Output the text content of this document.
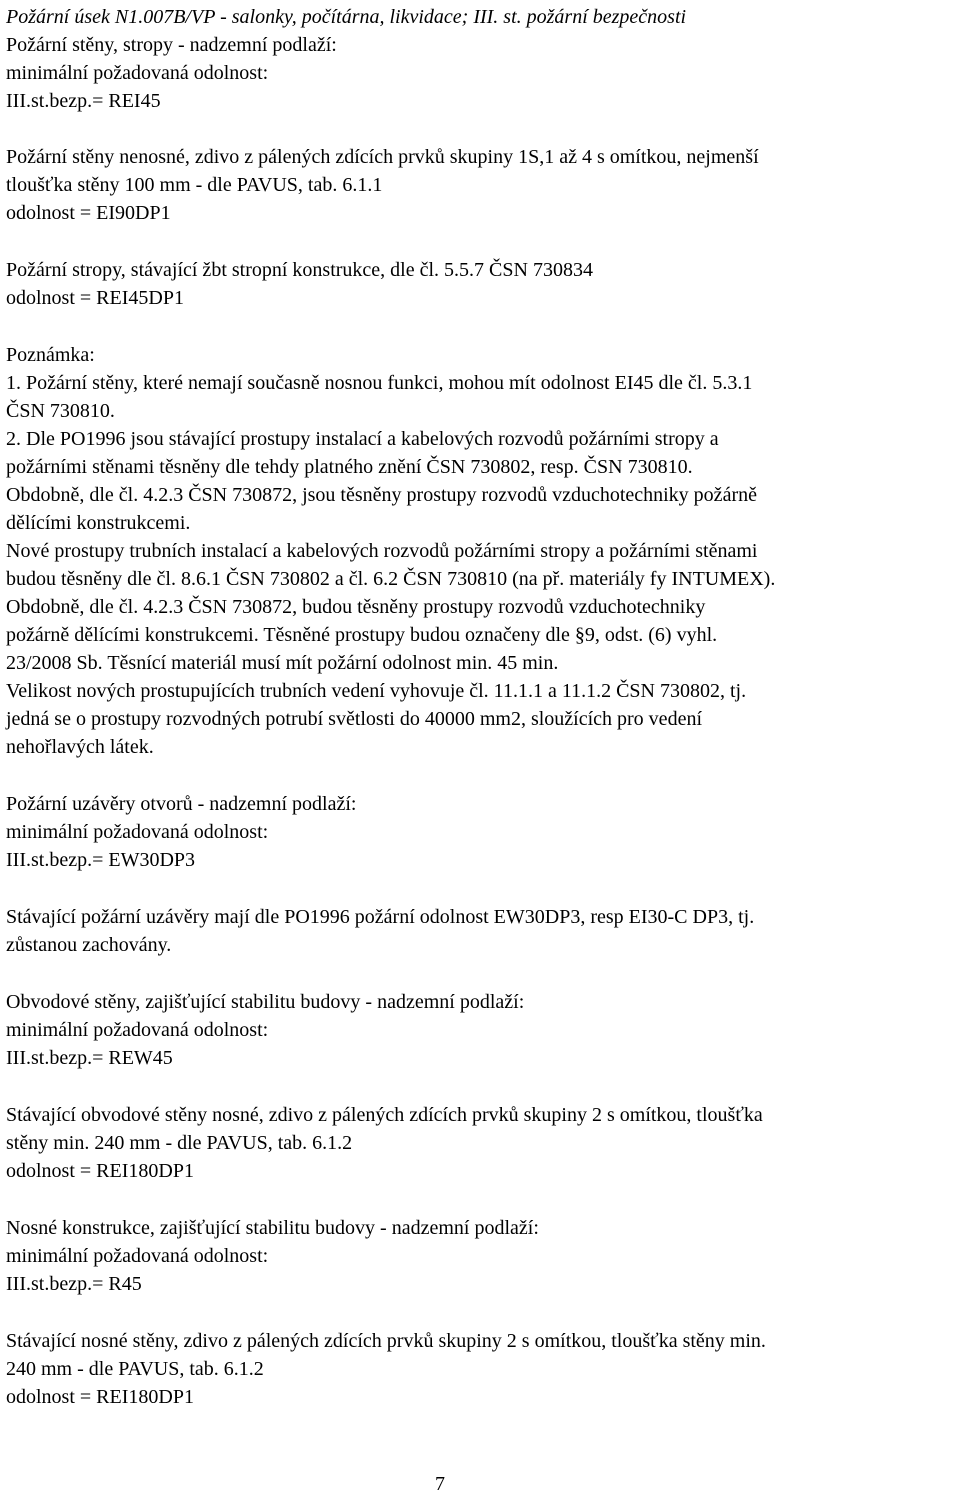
Požární úsek N1.007B/VP - salonky, počítárna, likvidace; III. st. požární bezpečnosti
Požární stěny, stropy - nadzemní podlaží:
minimální požadovaná odolnost:
III.st.bezp.= REI45
Požární stěny nenosné, zdivo z pálených zdících prvků skupiny 1S,1 až 4 s omítkou, nejmenší
tloušťka stěny 100 mm - dle PAVUS, tab. 6.1.1
odolnost = EI90DP1
Požární stropy, stávající žbt stropní konstrukce, dle čl. 5.5.7 ČSN 730834
odolnost = REI45DP1
Poznámka:
1. Požární stěny, které nemají současně nosnou funkci, mohou mít odolnost EI45 dle čl. 5.3.1
ČSN 730810.
2. Dle PO1996 jsou stávající prostupy instalací a kabelových rozvodů požárními stropy a
požárními stěnami těsněny dle tehdy platného znění ČSN 730802, resp. ČSN 730810.
Obdobně, dle čl. 4.2.3 ČSN 730872, jsou těsněny prostupy rozvodů vzduchotechniky požárně
dělícími konstrukcemi.
Nové prostupy trubních instalací a kabelových rozvodů požárními stropy a požárními stěnami
budou těsněny dle čl. 8.6.1 ČSN 730802 a čl. 6.2 ČSN 730810 (na př. materiály fy INTUMEX).
Obdobně, dle čl. 4.2.3 ČSN 730872, budou těsněny prostupy rozvodů vzduchotechniky
požárně dělícími konstrukcemi. Těsněné prostupy budou označeny dle §9, odst. (6) vyhl.
23/2008 Sb. Těsnící materiál musí mít požární odolnost min. 45 min.
Velikost nových prostupujících trubních vedení vyhovuje čl. 11.1.1 a 11.1.2 ČSN 730802, tj.
jedná se o prostupy rozvodných potrubí světlosti do 40000 mm2, sloužících pro vedení
nehořlavých látek.
Požární uzávěry otvorů - nadzemní podlaží:
minimální požadovaná odolnost:
III.st.bezp.= EW30DP3
Stávající požární uzávěry mají dle PO1996 požární odolnost EW30DP3, resp EI30-C DP3, tj.
zůstanou zachovány.
Obvodové stěny, zajišťující stabilitu budovy - nadzemní podlaží:
minimální požadovaná odolnost:
III.st.bezp.= REW45
Stávající obvodové stěny nosné, zdivo z pálených zdících prvků skupiny 2 s omítkou, tloušťka
stěny min. 240 mm - dle PAVUS, tab. 6.1.2
odolnost = REI180DP1
Nosné konstrukce, zajišťující stabilitu budovy - nadzemní podlaží:
minimální požadovaná odolnost:
III.st.bezp.= R45
Stávající nosné stěny, zdivo z pálených zdících prvků skupiny 2 s omítkou, tloušťka stěny min.
240 mm - dle PAVUS, tab. 6.1.2
odolnost = REI180DP1
7
